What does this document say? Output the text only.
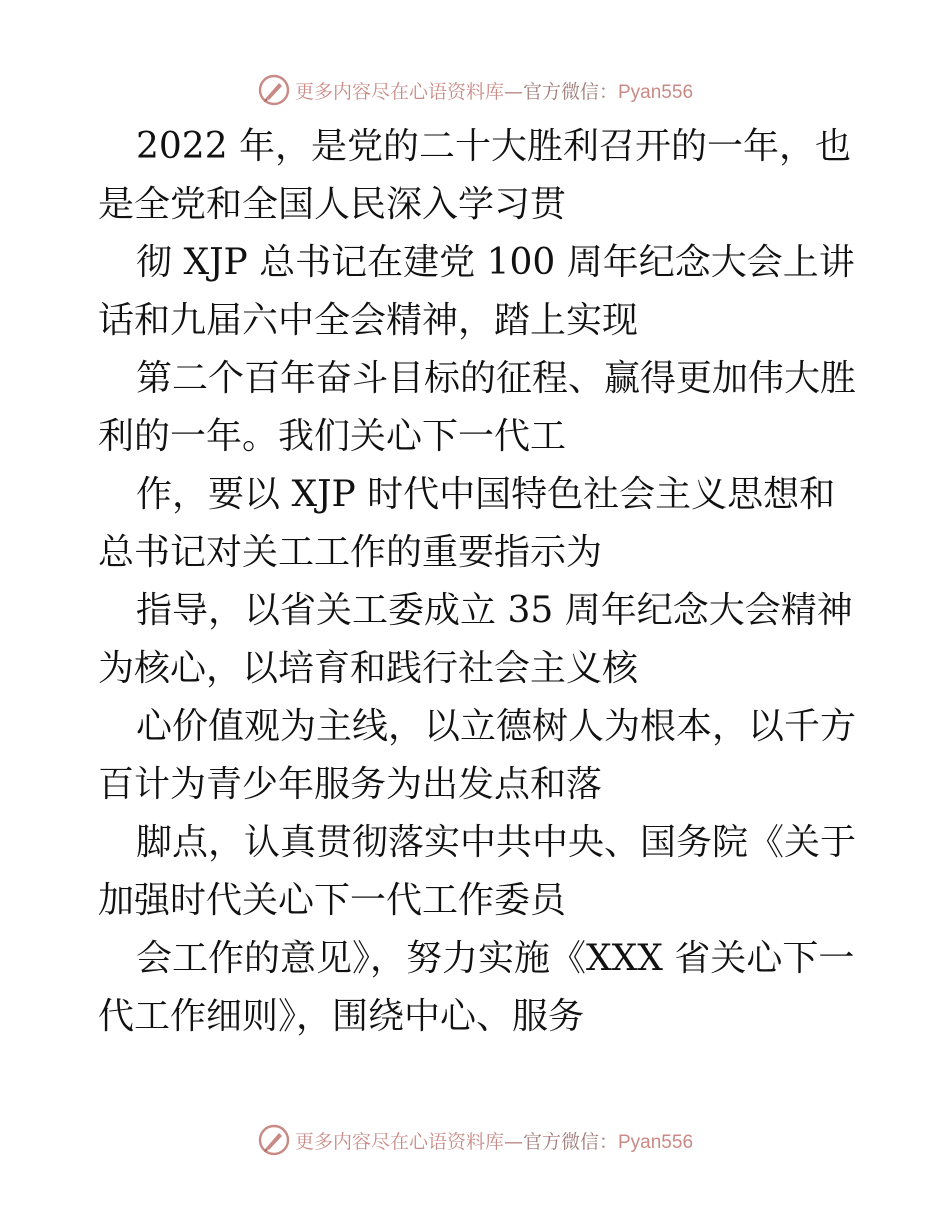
更多内容尽在心语资料库—官方微信：Pyan556

2022 年，是党的二十大胜利召开的一年，也是全党和全国人民深入学习贯

彻 XJP 总书记在建党 100 周年纪念大会上讲话和九届六中全会精神，踏上实现

第二个百年奋斗目标的征程、赢得更加伟大胜利的一年。我们关心下一代工

作，要以 XJP 时代中国特色社会主义思想和总书记对关工工作的重要指示为

指导，以省关工委成立 35 周年纪念大会精神为核心，以培育和践行社会主义核

心价值观为主线，以立德树人为根本，以千方百计为青少年服务为出发点和落

脚点，认真贯彻落实中共中央、国务院《关于加强时代关心下一代工作委员

会工作的意见》，努力实施《XXX 省关心下一代工作细则》，围绕中心、服务

更多内容尽在心语资料库—官方微信：Pyan556
